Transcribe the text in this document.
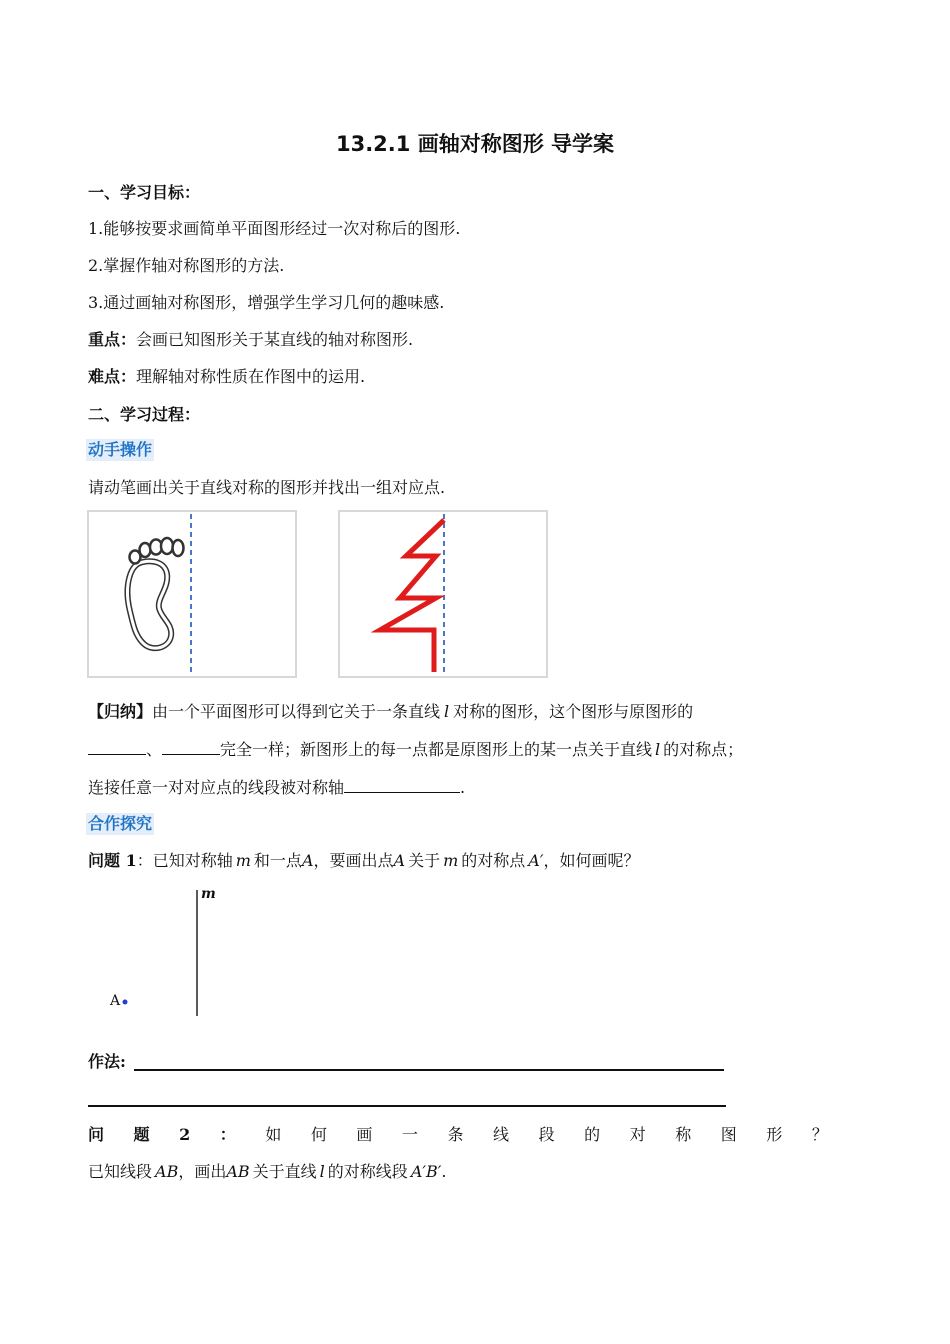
13.2.1 画轴对称图形 导学案
一、学习目标：
1.能够按要求画简单平面图形经过一次对称后的图形.
2.掌握作轴对称图形的方法.
3.通过画轴对称图形，增强学生学习几何的趣味感.
重点：会画已知图形关于某直线的轴对称图形.
难点：理解轴对称性质在作图中的运用.
二、学习过程：
动手操作
请动笔画出关于直线对称的图形并找出一组对应点.
【归纳】由一个平面图形可以得到它关于一条直线 l 对称的图形，这个图形与原图形的
、	完全一样；新图形上的每一点都是原图形上的某一点关于直线 l 的对称点；
连接任意一对对应点的线段被对称轴	.
合作探究
问题 1：已知对称轴 m 和一点A，要画出点A 关于 m 的对称点 A′，如何画呢？
m
A
作法:
问 题 2 ： 如 何 画 一 条 线 段 的 对 称 图 形 ？
已知线段 AB，画出AB 关于直线 l 的对称线段 A′B′.
